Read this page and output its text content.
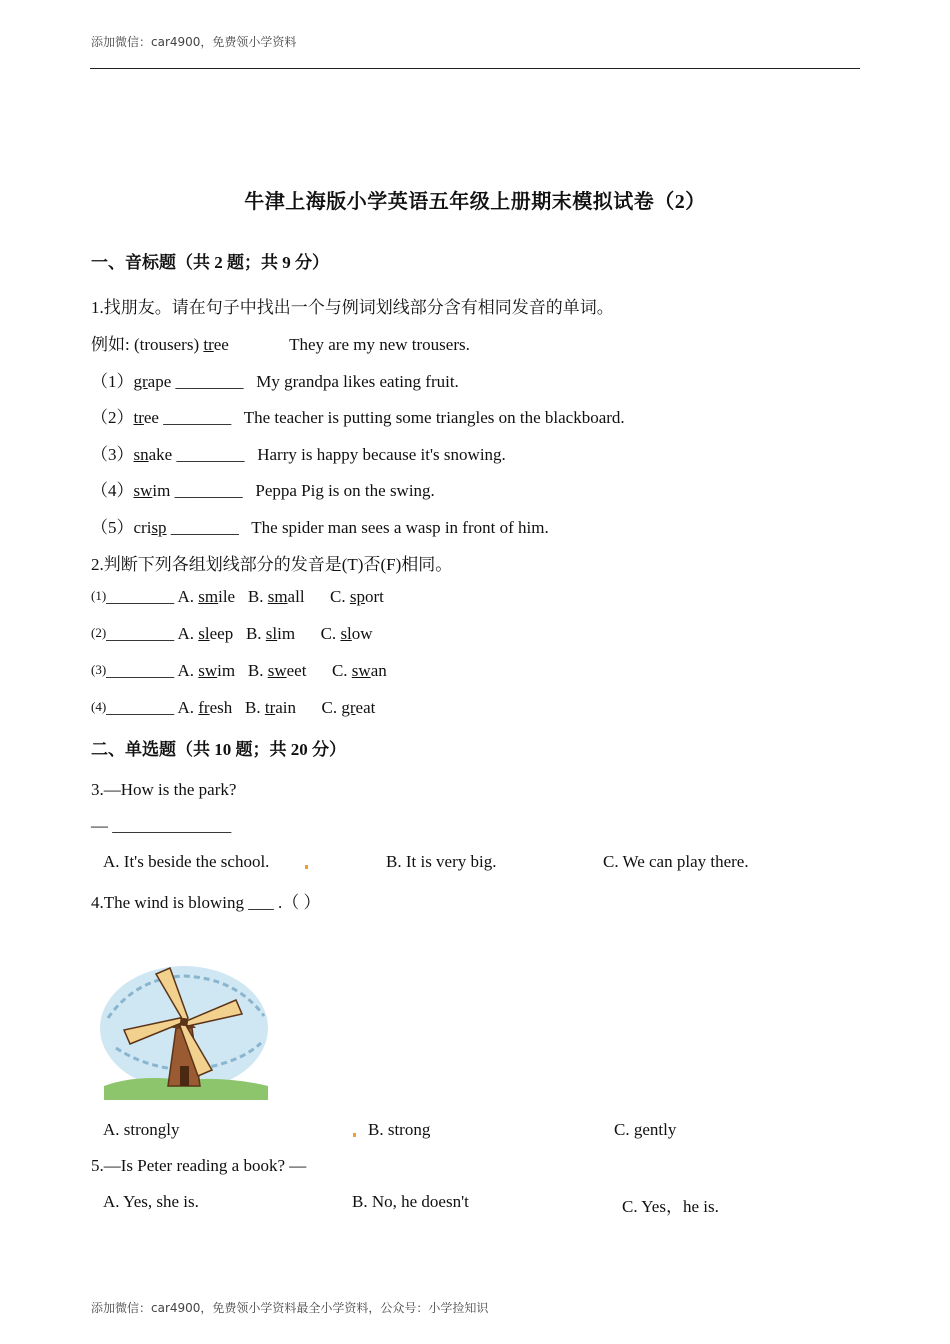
添加微信：car4900，免费领小学资料
牛津上海版小学英语五年级上册期末模拟试卷（2）
一、音标题（共 2 题；共 9 分）
1.找朋友。请在句子中找出一个与例词划线部分含有相同发音的单词。
例如: (trousers) tree	They are my new trousers.
（1）grape ________ My grandpa likes eating fruit.
（2）tree ________ The teacher is putting some triangles on the blackboard.
（3）snake ________ Harry is happy because it's snowing.
（4）swim ________ Peppa Pig is on the swing.
（5）crisp ________ The spider man sees a wasp in front of him.
2.判断下列各组划线部分的发音是(T)否(F)相同。
(1)________ A. smile B. small C. sport
(2)________ A. sleep B. slim C. slow
(3)________ A. swim B. sweet C. swan
(4)________ A. fresh B. train C. great
二、单选题（共 10 题；共 20 分）
3.—How is the park?
— ______________
A. It's beside the school.	B. It is very big.	C. We can play there.
4.The wind is blowing ___ .（ ）
A. strongly	B. strong	C. gently
5.—Is Peter reading a book? —
A. Yes, she is.	B. No, he doesn't	C. Yes，he is.
添加微信：car4900，免费领小学资料最全小学资料，公众号：小学捡知识
